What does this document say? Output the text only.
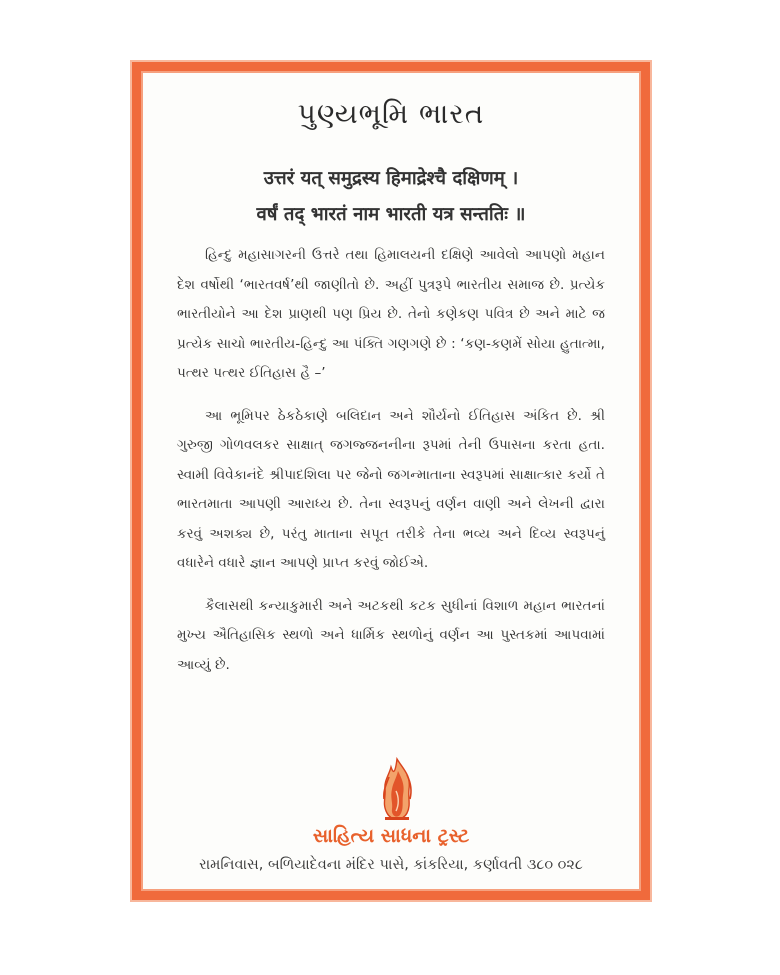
પુણ્યભૂમિ ભારત
उत्तरं यत् समुद्रस्य हिमाद्रेश्चै दक्षिणम् ।
वर्षं तद् भारतं नाम भारती यत्र सन्ततिः ॥

હિન્દુ મહાસાગરની ઉત્તરે તથા હિમાલયની દક્ષિણે આવેલો આપણો મહાન દેશ વર્ષોથી ‘ભારતવર્ષ’થી જાણીતો છે. અહીં પુત્રરૂપે ભારતીય સમાજ છે. પ્રત્યેક ભારતીયોને આ દેશ પ્રાણથી પણ પ્રિય છે. તેનો કણેકણ પવિત્ર છે અને માટે જ પ્રત્યેક સાચો ભારતીય-હિન્દુ આ પંક્તિ ગણગણે છે : ‘કણ-કણમેં સોયા હુતાત્મા, પત્થર પત્થર ઈતિહાસ હૈ –’

આ ભૂમિપર ઠેકઠેકાણે બલિદાન અને શૌર્યનો ઈતિહાસ અંકિત છે. શ્રી ગુરુજી ગોળવલકર સાક્ષાત્ જગજ્જનનીના રૂપમાં તેની ઉપાસના કરતા હતા. સ્વામી વિવેકાનંદે શ્રીપાદશિલા પર જેનો જગન્માતાના સ્વરૂપમાં સાક્ષાત્કાર કર્યો તે ભારતમાતા આપણી આરાધ્ય છે. તેના સ્વરૂપનું વર્ણન વાણી અને લેખની દ્વારા કરવું અશક્ય છે, પરંતુ માતાના સપૂત તરીકે તેના ભવ્ય અને દિવ્ય સ્વરૂપનું વધારેને વધારે જ્ઞાન આપણે પ્રાપ્ત કરવું જોઈએ.

કૈલાસથી કન્યાકુમારી અને અટકથી કટક સુધીનાં વિશાળ મહાન ભારતનાં મુખ્ય ઐતિહાસિક સ્થળો અને ધાર્મિક સ્થળોનું વર્ણન આ પુસ્તકમાં આપવામાં આવ્યું છે.

સાહિત્ય સાધના ટ્રસ્ટ
રામનિવાસ, બળિયાદેવના મંદિર પાસે, કાંકરિયા, કર્ણાવતી ૩૮૦ ૦૨૮
